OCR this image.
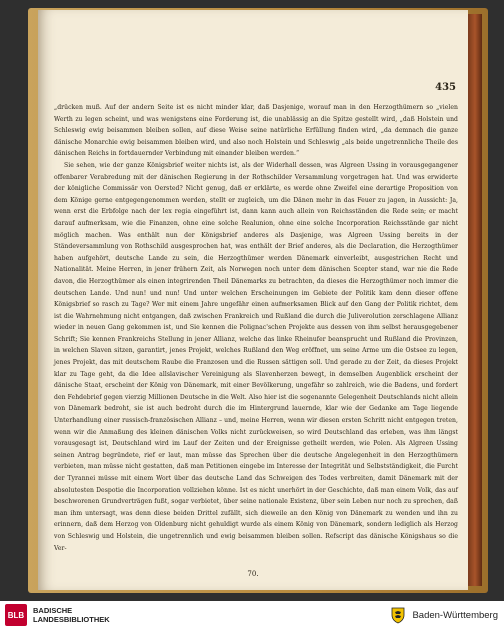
435

„drücken muß. Auf der andern Seite ist es nicht minder klar, daß Dasjenige, worauf man in den Herzogthümern so „vielen Werth zu legen scheint, und was wenigstens eine Forderung ist, die unablässig an die Spitze gestellt wird, „daß Holstein und Schleswig ewig beisammen bleiben sollen, auf diese Weise seine natürliche Erfüllung finden wird, „da demnach die ganze dänische Monarchie ewig beisammen bleiben wird, und also noch Holstein und Schleswig „als beide ungetrennliche Theile des dänischen Reichs in fortdauernder Verbindung mit einander bleiben werden.“

Sie sehen, wie der ganze Königsbrief weiter nichts ist, als der Widerhall dessen, was Algreen Ussing in vorausgegangener offenbarer Verabredung mit der dänischen Regierung in der Rothschilder Versammlung vorgetragen hat. Und was erwiderte der königliche Commissär von Oersted? Nicht genug, daß er erklärte, es werde ohne Zweifel eine derartige Proposition von dem Könige gerne entgegengenommen werden, stellt er zugleich, um die Dänen mehr in das Feuer zu jagen, in Aussicht: Ja, wenn erst die Erbfolge nach der lex regia eingeführt ist, dann kann auch allein von Reichsständen die Rede sein; er macht darauf aufmerksam, wie die Finanzen, ohne eine solche Realunion, ohne eine solche Incorporation Reichsstände gar nicht möglich machen. Was enthält nun der Königsbrief anderes als Dasjenige, was Algreen Ussing bereits in der Ständeversammlung von Rothschild ausgesprochen hat, was enthält der Brief anderes, als die Declaration, die Herzogthümer haben aufgehört, deutsche Lande zu sein, die Herzogthümer werden Dänemark einverleibt, ausgestrichen Recht und Nationalität. Meine Herren, in jener frühern Zeit, als Norwegen noch unter dem dänischen Scepter stand, war nie die Rede davon, die Herzogthümer als einen integrirenden Theil Dänemarks zu betrachten, da dieses die Herzogthümer noch immer die deutschen Lande. Und nun! und nun! Und unter welchen Erscheinungen im Gebiete der Politik kam denn dieser offene Königsbrief so rasch zu Tage? Wer mit einem Jahre ungefähr einen aufmerksamen Blick auf den Gang der Politik richtet, dem ist die Wahrnehmung nicht entgangen, daß zwischen Frankreich und Rußland die durch die Juliverolution zerschlagene Allianz wieder in neuen Gang gekommen ist, und Sie kennen die Polignac'schen Projekte aus dessen von ihm selbst herausgegebener Schrift; Sie kennen Frankreichs Stellung in jener Allianz, welche das linke Rheinufer beansprucht und Rußland die Provinzen, in welchen Slaven sitzen, garantirt, jenes Projekt, welches Rußland den Weg eröffnet, um seine Arme um die Ostsee zu legen, jenes Projekt, das mit deutschem Raube die Franzosen und die Russen sättigen soll. Und gerade zu der Zeit, da dieses Projekt klar zu Tage geht, da die Idee allslavischer Vereinigung als Slavenherzen bewegt, in demselben Augenblick erscheint der dänische Staat, erscheint der König von Dänemark, mit einer Bevölkerung, ungefähr so zahlreich, wie die Badens, und fordert den Fehdebrief gegen vierzig Millionen Deutsche in die Welt. Also hier ist die sogenannte Gelegenheit Deutschlands nicht allein von Dänemark bedroht, sie ist auch bedroht durch die im Hintergrund lauernde, klar wie der Gedanke am Tage liegende Unterhandlung einer russisch-französischen Allianz – und, meine Herren, wenn wir diesen ersten Schritt nicht entgegen treten, wenn wir die Anmaßung des kleinen dänischen Volks nicht zurückweisen, so wird Deutschland das erleben, was ihm längst vorausgesagt ist, Deutschland wird im Lauf der Zeiten und der Ereignisse getheilt werden, wie Polen. Als Algreen Ussing seinen Antrag begründete, rief er laut, man müsse das Sprechen über die deutsche Angelegenheit in den Herzogthümern verbieten, man müsse nicht gestatten, daß man Petitionen eingebe im Interesse der Integrität und Selbstständigkeit, die Furcht der Tyrannei müsse mit einem Wort über das deutsche Land das Schweigen des Todes verbreiten, damit Dänemark mit der absolutesten Despotie die Incorporation vollziehen könne. Ist es nicht unerhört in der Geschichte, daß man einem Volk, das auf beschworenen Grundverträgen fußt, sogar verbietet, über seine nationale Existenz, über sein Leben nur noch zu sprechen, daß man ihm untersagt, was denn diese beiden Drittel zufällt, sich dieweile an den König von Dänemark zu wenden und ihn zu erinnern, daß dem Herzog von Oldenburg nicht gehuldigt wurde als einem König von Dänemark, sondern lediglich als Herzog von Schleswig und Holstein, die ungetrennlich und ewig beisammen bleiben sollen. Refscript das dänische Königshaus so die Ver-

70.
BLB	BADISCHE
LANDESBIBLIOTHEK	Baden-Württemberg
